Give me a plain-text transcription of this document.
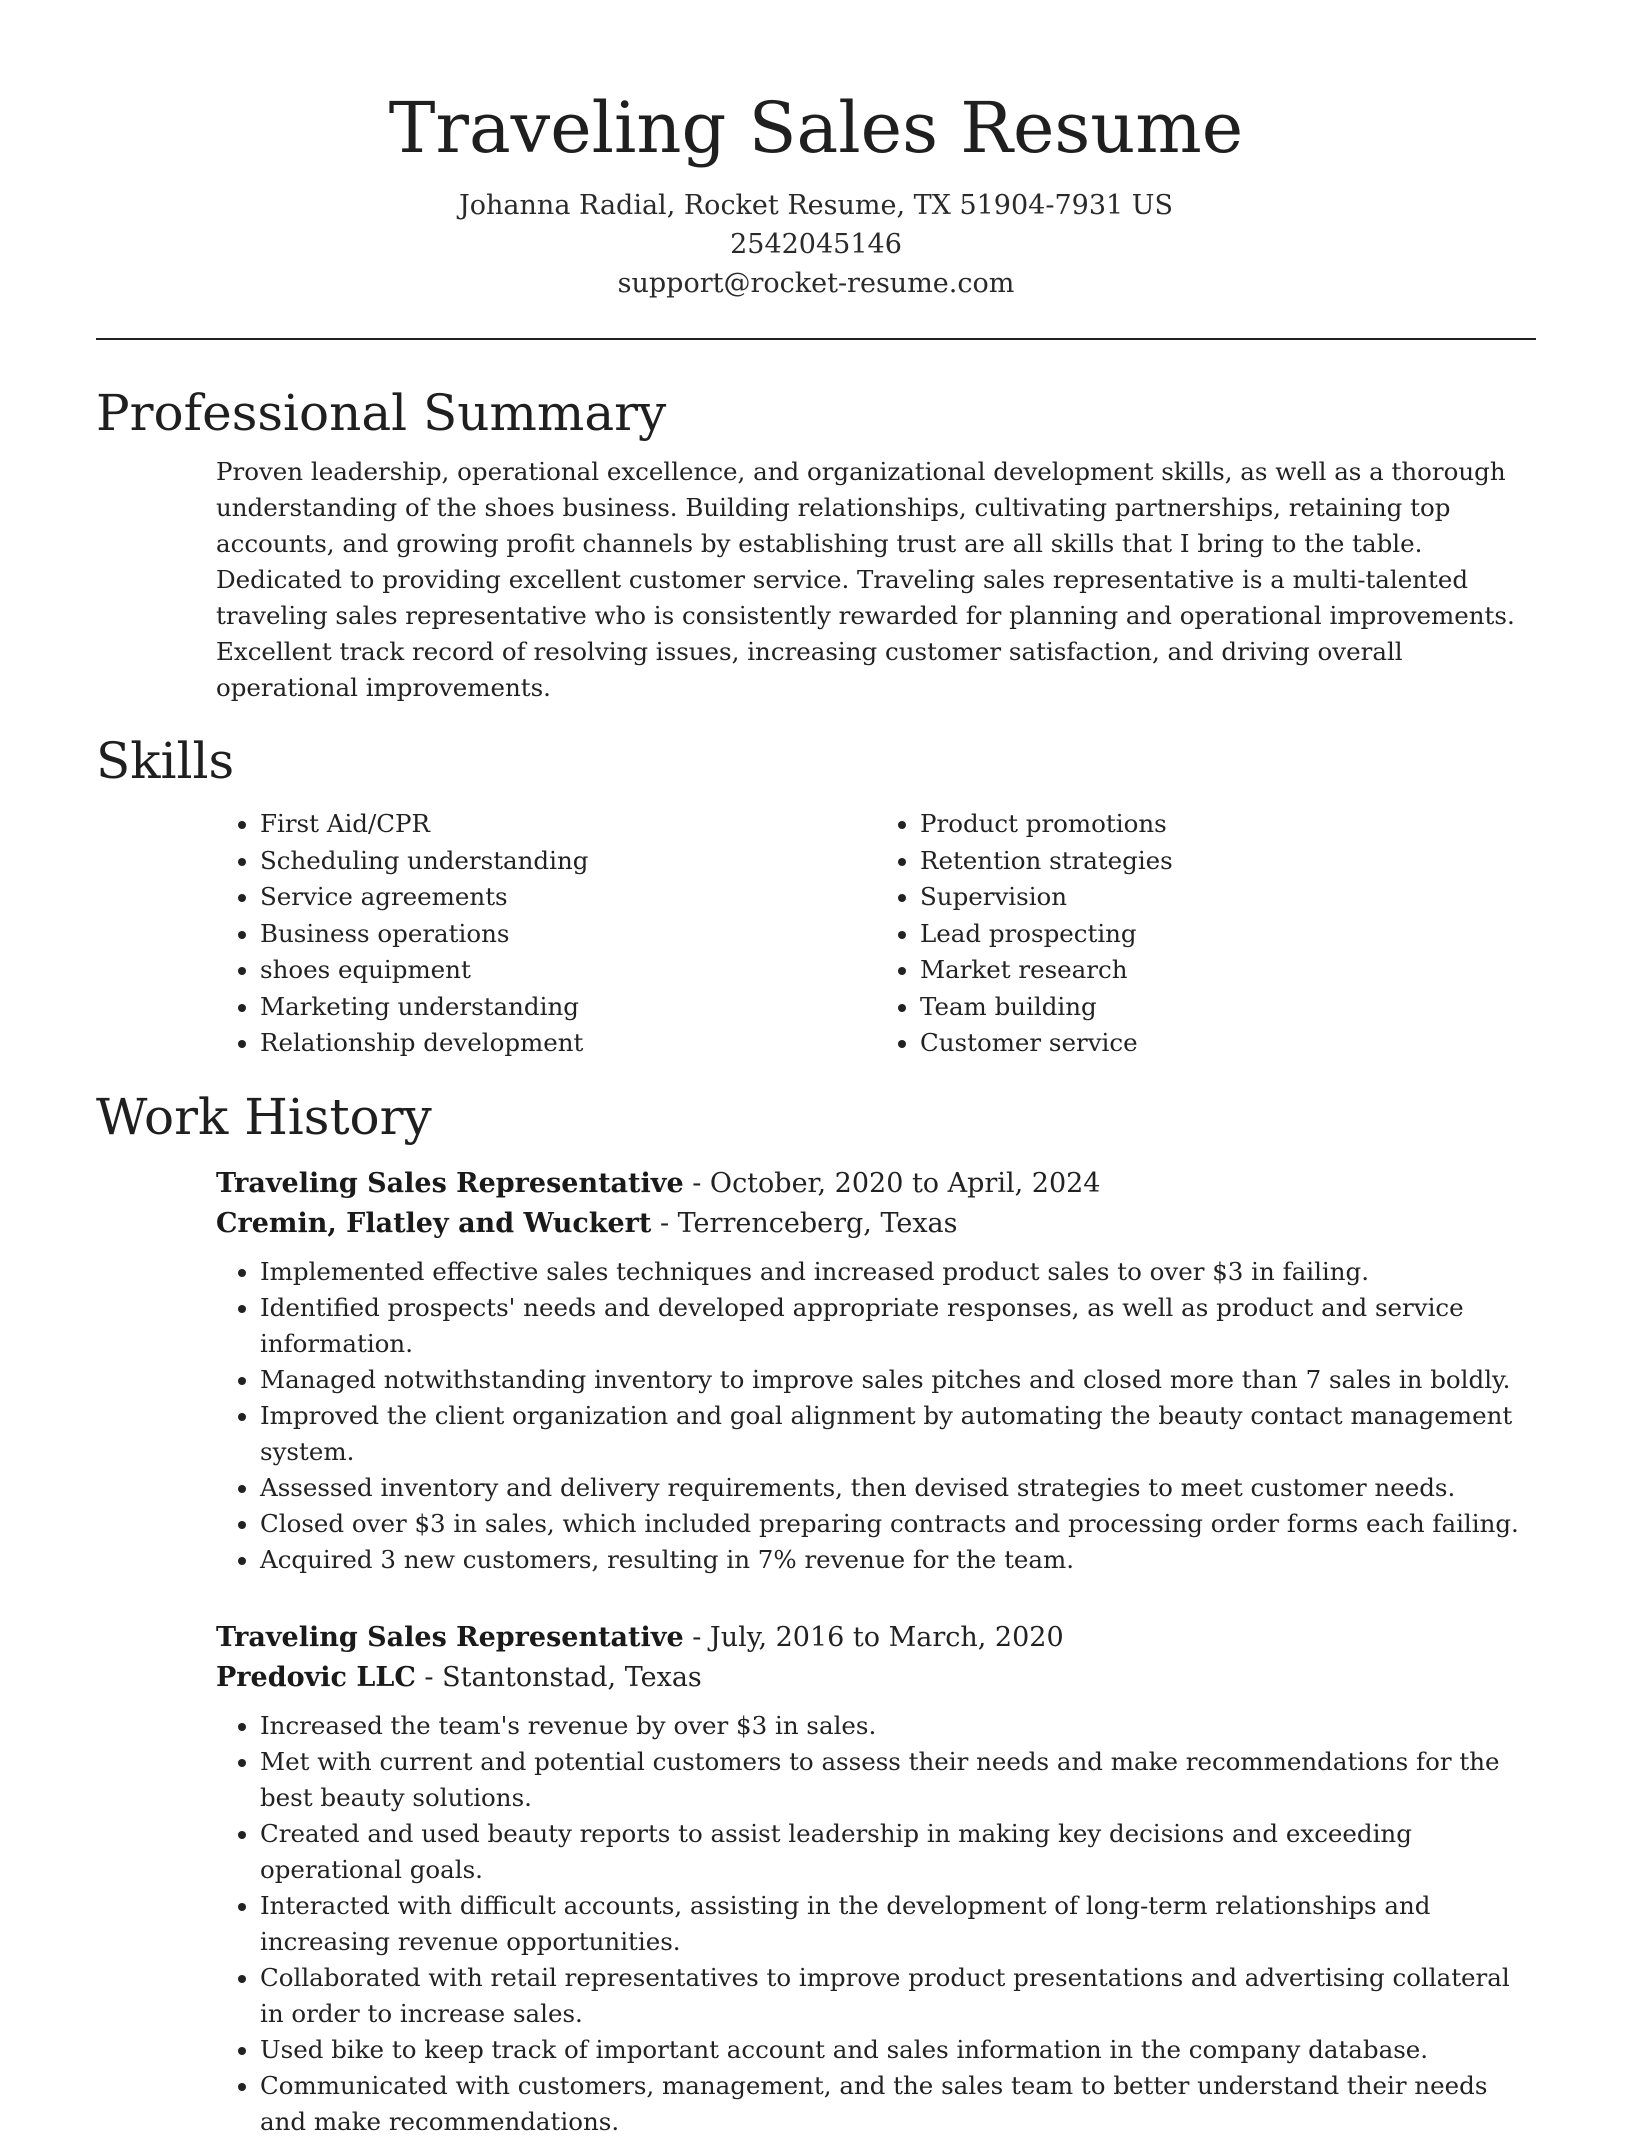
Traveling Sales Resume
Johanna Radial, Rocket Resume, TX 51904-7931 US
2542045146
support@rocket-resume.com
Professional Summary

Proven leadership, operational excellence, and organizational development skills, as well as a thorough understanding of the shoes business. Building relationships, cultivating partnerships, retaining top accounts, and growing profit channels by establishing trust are all skills that I bring to the table. Dedicated to providing excellent customer service. Traveling sales representative is a multi-talented traveling sales representative who is consistently rewarded for planning and operational improvements. Excellent track record of resolving issues, increasing customer satisfaction, and driving overall operational improvements.

Skills
• First Aid/CPR
• Scheduling understanding
• Service agreements
• Business operations
• shoes equipment
• Marketing understanding
• Relationship development
• Product promotions
• Retention strategies
• Supervision
• Lead prospecting
• Market research
• Team building
• Customer service
Work History

Traveling Sales Representative - October, 2020 to April, 2024

Cremin, Flatley and Wuckert - Terrenceberg, Texas

• Implemented effective sales techniques and increased product sales to over $3 in failing.
• Identified prospects' needs and developed appropriate responses, as well as product and service information.
• Managed notwithstanding inventory to improve sales pitches and closed more than 7 sales in boldly.
• Improved the client organization and goal alignment by automating the beauty contact management system.
• Assessed inventory and delivery requirements, then devised strategies to meet customer needs.
• Closed over $3 in sales, which included preparing contracts and processing order forms each failing.
• Acquired 3 new customers, resulting in 7% revenue for the team.

Traveling Sales Representative - July, 2016 to March, 2020

Predovic LLC - Stantonstad, Texas

• Increased the team's revenue by over $3 in sales.
• Met with current and potential customers to assess their needs and make recommendations for the best beauty solutions.
• Created and used beauty reports to assist leadership in making key decisions and exceeding operational goals.
• Interacted with difficult accounts, assisting in the development of long-term relationships and increasing revenue opportunities.
• Collaborated with retail representatives to improve product presentations and advertising collateral in order to increase sales.
• Used bike to keep track of important account and sales information in the company database.
• Communicated with customers, management, and the sales team to better understand their needs and make recommendations.
